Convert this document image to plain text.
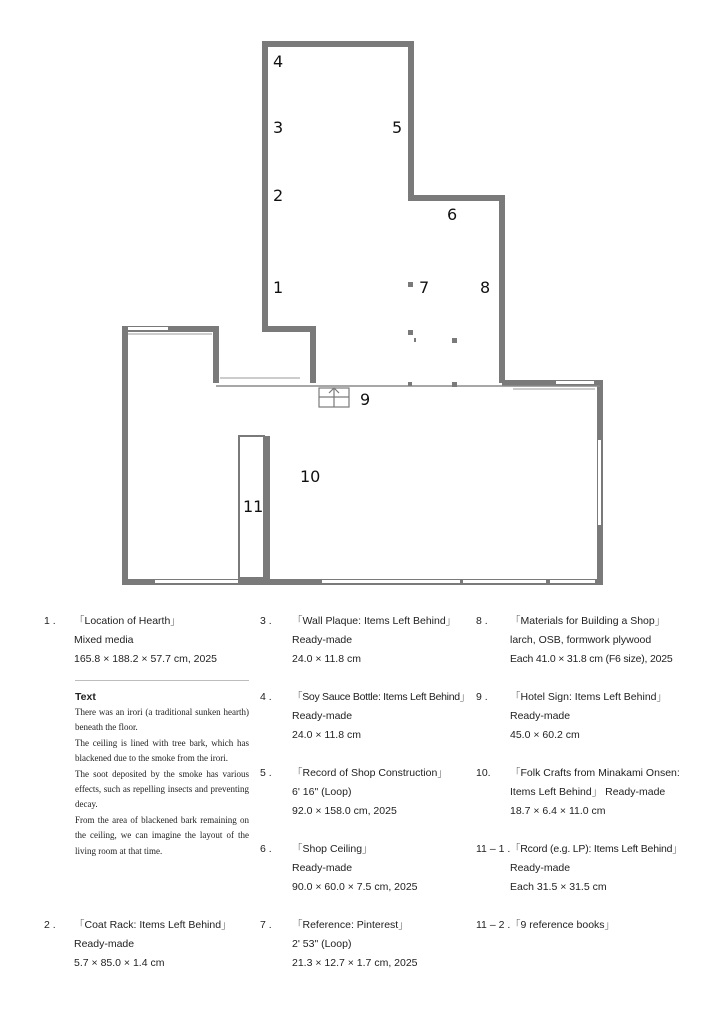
4
3
2
1
5
6
7	8
9
10
11
1 . 「Location of Hearth」
Mixed media
165.8 × 188.2 × 57.7 cm, 2025
Text

There was an irori (a traditional sunken hearth) beneath the floor.

The ceiling is lined with tree bark, which has blackened due to the smoke from the irori.

The soot deposited by the smoke has various effects, such as repelling insects and preventing decay.

From the area of blackened bark remaining on the ceiling, we can imagine the layout of the living room at that time.

2 . 「Coat Rack: Items Left Behind」
Ready-made
5.7 × 85.0 × 1.4 cm
3 . 「Wall Plaque: Items Left Behind」
Ready-made
24.0 × 11.8 cm
4 . 「Soy Sauce Bottle: Items Left Behind」
Ready-made
24.0 × 11.8 cm
5 . 「Record of Shop Construction」
6' 16" (Loop)
92.0 × 158.0 cm, 2025
6 . 「Shop Ceiling」
Ready-made
90.0 × 60.0 × 7.5 cm, 2025
7 . 「Reference: Pinterest」
2' 53" (Loop)
21.3 × 12.7 × 1.7 cm, 2025
8 . 「Materials for Building a Shop」
larch, OSB, formwork plywood
Each 41.0 × 31.8 cm (F6 size), 2025
9 . 「Hotel Sign: Items Left Behind」
Ready-made
45.0 × 60.2 cm
10. 「Folk Crafts from Minakami Onsen:
Items Left Behind」 Ready-made
18.7 × 6.4 × 11.0 cm
11 – 1 . 「Rcord (e.g. LP): Items Left Behind」
Ready-made
Each 31.5 × 31.5 cm
11 – 2 . 「9 reference books」
